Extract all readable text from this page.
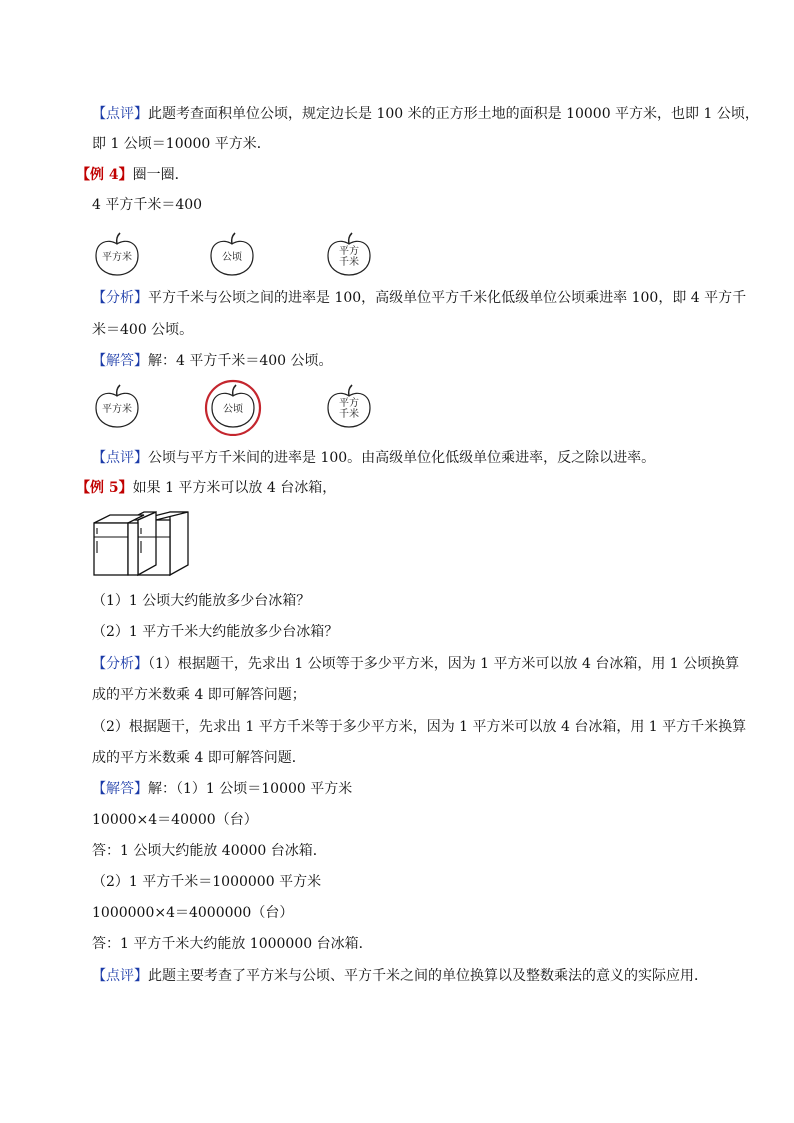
【点评】此题考查面积单位公顷，规定边长是 100 米的正方形土地的面积是 10000 平方米，也即 1 公顷，
即 1 公顷＝10000 平方米．
【例 4】圈一圈．
4 平方千米＝400
平方米	公顷
平方千米
【分析】平方千米与公顷之间的进率是 100，高级单位平方千米化低级单位公顷乘进率 100，即 4 平方千
米＝400 公顷。
【解答】解：4 平方千米＝400 公顷。
平方米	公顷
平方千米
【点评】公顷与平方千米间的进率是 100。由高级单位化低级单位乘进率，反之除以进率。
【例 5】如果 1 平方米可以放 4 台冰箱，
（1）1 公顷大约能放多少台冰箱？
（2）1 平方千米大约能放多少台冰箱？
【分析】（1）根据题干，先求出 1 公顷等于多少平方米，因为 1 平方米可以放 4 台冰箱，用 1 公顷换算
成的平方米数乘 4 即可解答问题；
（2）根据题干，先求出 1 平方千米等于多少平方米，因为 1 平方米可以放 4 台冰箱，用 1 平方千米换算
成的平方米数乘 4 即可解答问题．
【解答】解：（1）1 公顷＝10000 平方米
10000×4＝40000（台）
答：1 公顷大约能放 40000 台冰箱．
（2）1 平方千米＝1000000 平方米
1000000×4＝4000000（台）
答：1 平方千米大约能放 1000000 台冰箱．
【点评】此题主要考查了平方米与公顷、平方千米之间的单位换算以及整数乘法的意义的实际应用．
